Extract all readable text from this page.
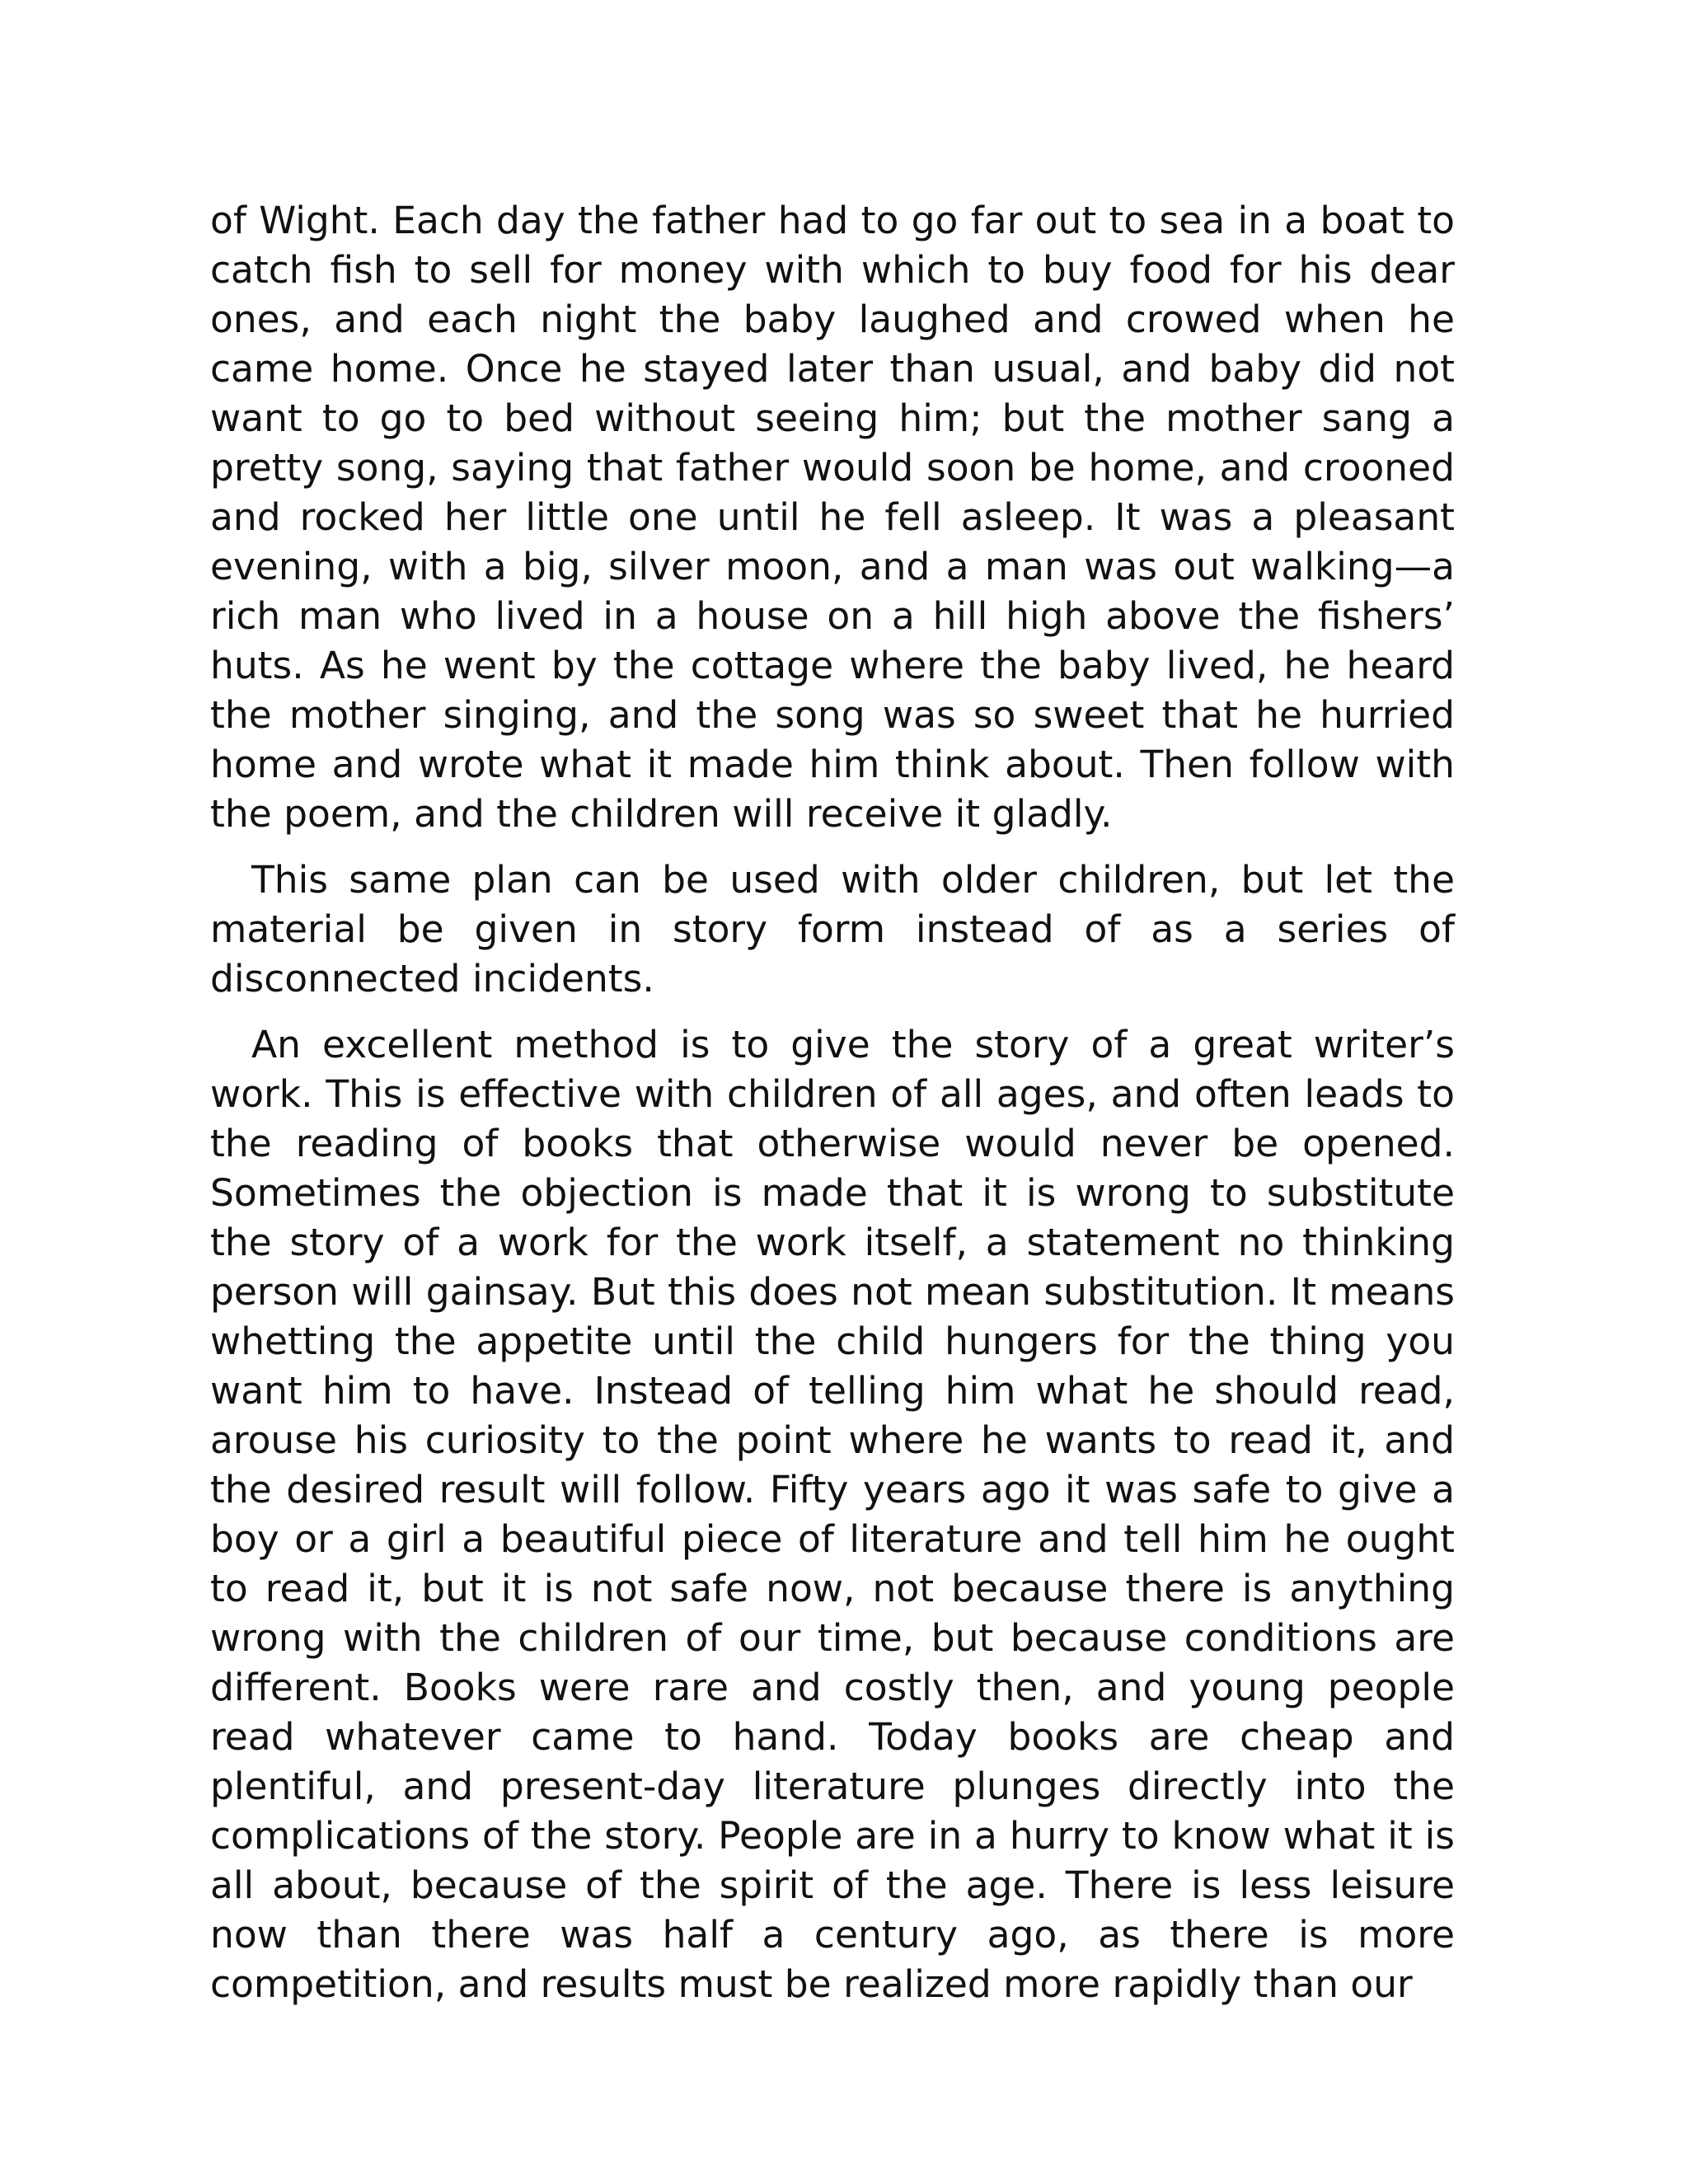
of Wight. Each day the father had to go far out to sea in a boat to catch fish to sell for money with which to buy food for his dear ones, and each night the baby laughed and crowed when he came home. Once he stayed later than usual, and baby did not want to go to bed without seeing him; but the mother sang a pretty song, saying that father would soon be home, and crooned and rocked her little one until he fell asleep. It was a pleasant evening, with a big, silver moon, and a man was out walking—a rich man who lived in a house on a hill high above the fishers’ huts. As he went by the cottage where the baby lived, he heard the mother singing, and the song was so sweet that he hurried home and wrote what it made him think about. Then follow with the poem, and the children will receive it gladly.

This same plan can be used with older children, but let the material be given in story form instead of as a series of disconnected incidents.

An excellent method is to give the story of a great writer’s work. This is effective with children of all ages, and often leads to the reading of books that otherwise would never be opened. Sometimes the objection is made that it is wrong to substitute the story of a work for the work itself, a statement no thinking person will gainsay. But this does not mean substitution. It means whetting the appetite until the child hungers for the thing you want him to have. Instead of telling him what he should read, arouse his curiosity to the point where he wants to read it, and the desired result will follow. Fifty years ago it was safe to give a boy or a girl a beautiful piece of literature and tell him he ought to read it, but it is not safe now, not because there is anything wrong with the children of our time, but because conditions are different. Books were rare and costly then, and young people read whatever came to hand. Today books are cheap and plentiful, and present-day literature plunges directly into the complications of the story. People are in a hurry to know what it is all about, because of the spirit of the age. There is less leisure now than there was half a century ago, as there is more competition, and results must be realized more rapidly than our
